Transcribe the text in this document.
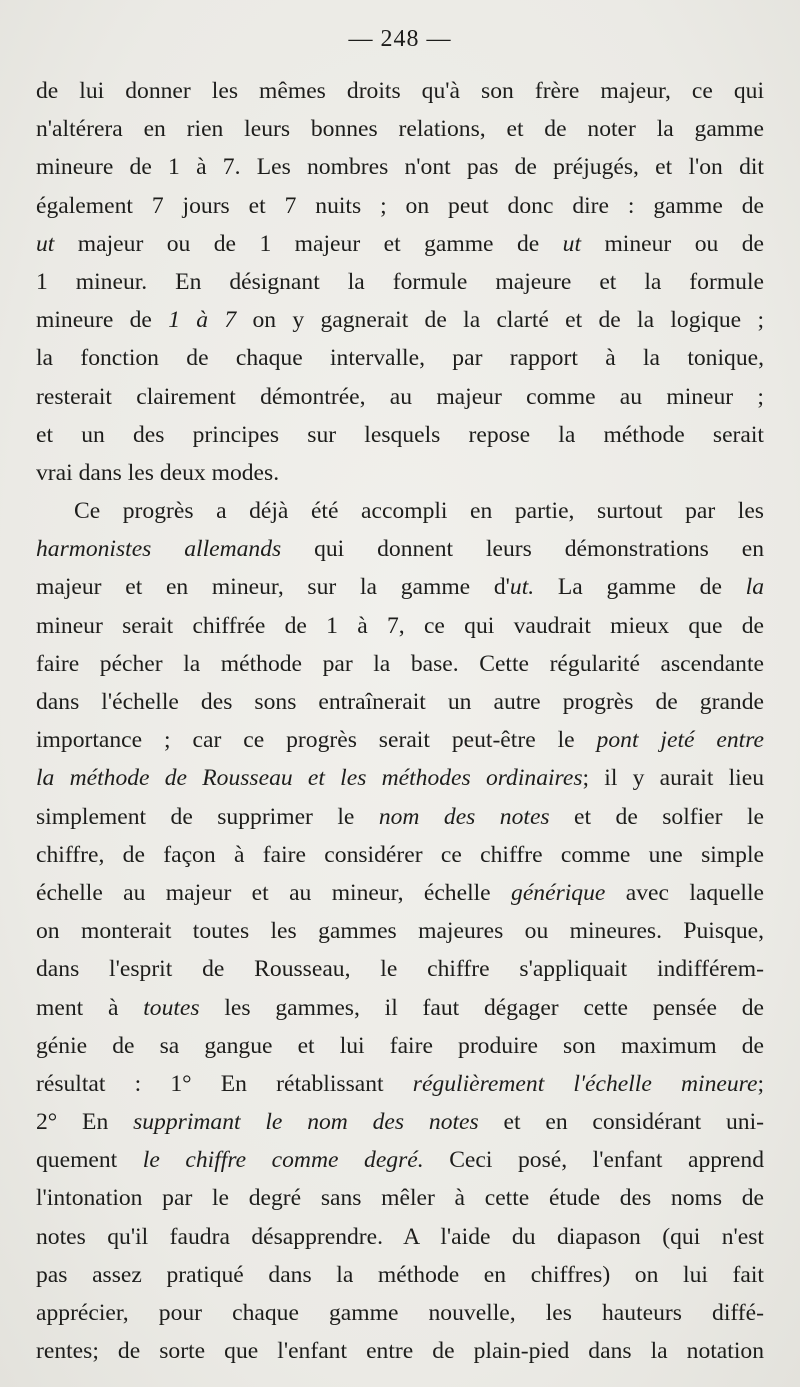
— 248 —
de lui donner les mêmes droits qu'à son frère majeur, ce qui
n'altérera en rien leurs bonnes relations, et de noter la gamme
mineure de 1 à 7. Les nombres n'ont pas de préjugés, et l'on dit
également 7 jours et 7 nuits ; on peut donc dire : gamme de
ut majeur ou de 1 majeur et gamme de ut mineur ou de
1 mineur. En désignant la formule majeure et la formule
mineure de 1 à 7 on y gagnerait de la clarté et de la logique ;
la fonction de chaque intervalle, par rapport à la tonique,
resterait clairement démontrée, au majeur comme au mineur ;
et un des principes sur lesquels repose la méthode serait
vrai dans les deux modes.
Ce progrès a déjà été accompli en partie, surtout par les
harmonistes allemands qui donnent leurs démonstrations en
majeur et en mineur, sur la gamme d'ut. La gamme de la
mineur serait chiffrée de 1 à 7, ce qui vaudrait mieux que de
faire pécher la méthode par la base. Cette régularité ascendante
dans l'échelle des sons entraînerait un autre progrès de grande
importance ; car ce progrès serait peut-être le pont jeté entre
la méthode de Rousseau et les méthodes ordinaires; il y aurait lieu
simplement de supprimer le nom des notes et de solfier le
chiffre, de façon à faire considérer ce chiffre comme une simple
échelle au majeur et au mineur, échelle générique avec laquelle
on monterait toutes les gammes majeures ou mineures. Puisque,
dans l'esprit de Rousseau, le chiffre s'appliquait indifférem-
ment à toutes les gammes, il faut dégager cette pensée de
génie de sa gangue et lui faire produire son maximum de
résultat : 1° En rétablissant régulièrement l'échelle mineure;
2° En supprimant le nom des notes et en considérant uni-
quement le chiffre comme degré. Ceci posé, l'enfant apprend
l'intonation par le degré sans mêler à cette étude des noms de
notes qu'il faudra désapprendre. A l'aide du diapason (qui n'est
pas assez pratiqué dans la méthode en chiffres) on lui fait
apprécier, pour chaque gamme nouvelle, les hauteurs diffé-
rentes; de sorte que l'enfant entre de plain-pied dans la notation
